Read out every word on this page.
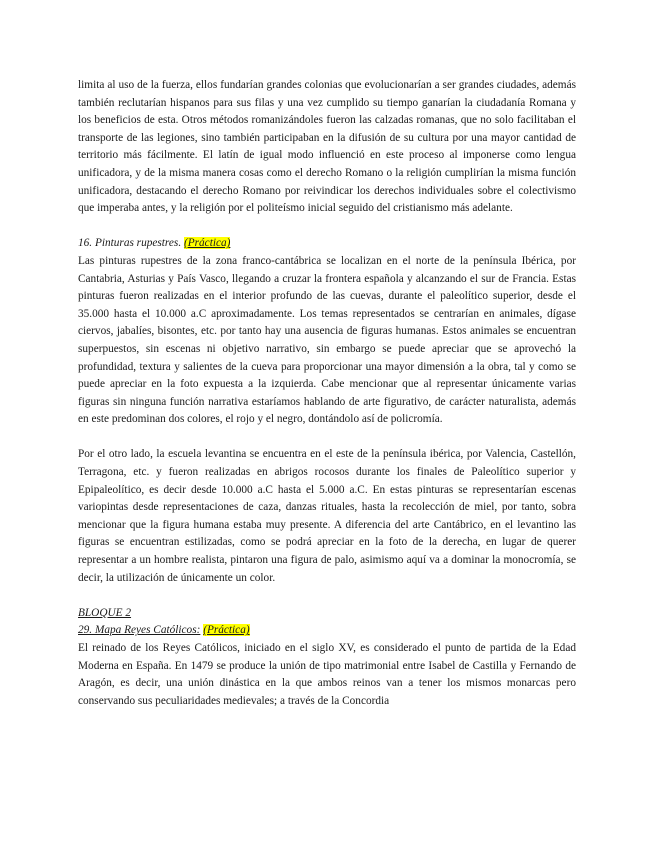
limita al uso de la fuerza, ellos fundarían grandes colonias que evolucionarían a ser grandes ciudades, además también reclutarían hispanos para sus filas y una vez cumplido su tiempo ganarían la ciudadanía Romana y los beneficios de esta. Otros métodos romanizándoles fueron las calzadas romanas, que no solo facilitaban el transporte de las legiones, sino también participaban en la difusión de su cultura por una mayor cantidad de territorio más fácilmente. El latín de igual modo influenció en este proceso al imponerse como lengua unificadora, y de la misma manera cosas como el derecho Romano o la religión cumplirían la misma función unificadora, destacando el derecho Romano por reivindicar los derechos individuales sobre el colectivismo que imperaba antes, y la religión por el politeísmo inicial seguido del cristianismo más adelante.

16. Pinturas rupestres. (Práctica)

Las pinturas rupestres de la zona franco-cantábrica se localizan en el norte de la península Ibérica, por Cantabria, Asturias y País Vasco, llegando a cruzar la frontera española y alcanzando el sur de Francia. Estas pinturas fueron realizadas en el interior profundo de las cuevas, durante el paleolítico superior, desde el 35.000 hasta el 10.000 a.C aproximadamente. Los temas representados se centrarían en animales, dígase ciervos, jabalíes, bisontes, etc. por tanto hay una ausencia de figuras humanas. Estos animales se encuentran superpuestos, sin escenas ni objetivo narrativo, sin embargo se puede apreciar que se aprovechó la profundidad, textura y salientes de la cueva para proporcionar una mayor dimensión a la obra, tal y como se puede apreciar en la foto expuesta a la izquierda. Cabe mencionar que al representar únicamente varias figuras sin ninguna función narrativa estaríamos hablando de arte figurativo, de carácter naturalista, además en este predominan dos colores, el rojo y el negro, dontándolo así de policromía.

Por el otro lado, la escuela levantina se encuentra en el este de la península ibérica, por Valencia, Castellón, Terragona, etc. y fueron realizadas en abrigos rocosos durante los finales de Paleolítico superior y Epipaleolítico, es decir desde 10.000 a.C hasta el 5.000 a.C. En estas pinturas se representarían escenas variopintas desde representaciones de caza, danzas rituales, hasta la recolección de miel, por tanto, sobra mencionar que la figura humana estaba muy presente. A diferencia del arte Cantábrico, en el levantino las figuras se encuentran estilizadas, como se podrá apreciar en la foto de la derecha, en lugar de querer representar a un hombre realista, pintaron una figura de palo, asimismo aquí va a dominar la monocromía, se decir, la utilización de únicamente un color.

BLOQUE 2

29. Mapa Reyes Católicos: (Práctica)

El reinado de los Reyes Católicos, iniciado en el siglo XV, es considerado el punto de partida de la Edad Moderna en España. En 1479 se produce la unión de tipo matrimonial entre Isabel de Castilla y Fernando de Aragón, es decir, una unión dinástica en la que ambos reinos van a tener los mismos monarcas pero conservando sus peculiaridades medievales; a través de la Concordia
